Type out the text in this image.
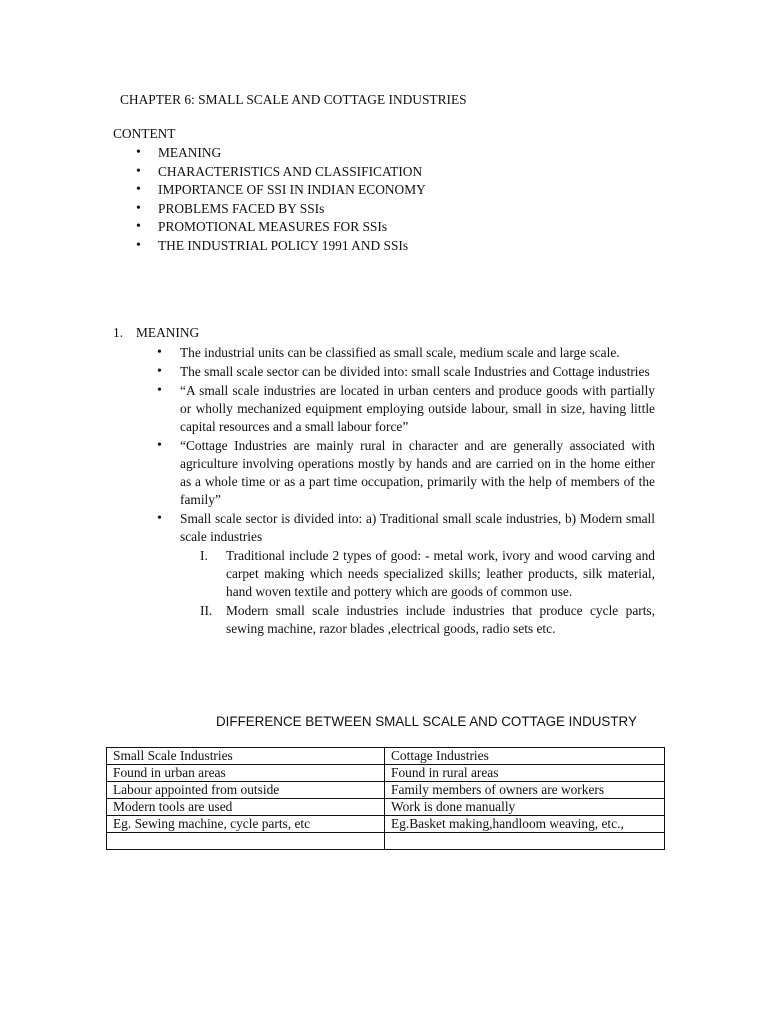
CHAPTER 6: SMALL SCALE AND COTTAGE INDUSTRIES
CONTENT
• MEANING
• CHARACTERISTICS AND CLASSIFICATION
• IMPORTANCE OF SSI IN INDIAN ECONOMY
• PROBLEMS FACED BY SSIs
• PROMOTIONAL MEASURES FOR SSIs
• THE INDUSTRIAL POLICY 1991 AND SSIs
1. MEANING
• The industrial units can be classified as small scale, medium scale and large scale.
• The small scale sector can be divided into: small scale Industries and Cottage industries
• “A small scale industries are located in urban centers and produce goods with partially or wholly mechanized equipment employing outside labour, small in size, having little capital resources and a small labour force”
• “Cottage Industries are mainly rural in character and are generally associated with agriculture involving operations mostly by hands and are carried on in the home either as a whole time or as a part time occupation, primarily with the help of members of the family”
• Small scale sector is divided into: a) Traditional small scale industries, b) Modern small scale industries
I. Traditional include 2 types of good: - metal work, ivory and wood carving and carpet making which needs specialized skills; leather products, silk material, hand woven textile and pottery which are goods of common use.
II. Modern small scale industries include industries that produce cycle parts, sewing machine, razor blades ,electrical goods, radio sets etc.
DIFFERENCE BETWEEN SMALL SCALE AND COTTAGE INDUSTRY
Small Scale Industries	Cottage Industries
Found in urban areas	Found in rural areas
Labour appointed from outside	Family members of owners are workers
Modern tools are used	Work is done manually
Eg. Sewing machine, cycle parts, etc	Eg.Basket making,handloom weaving, etc.,
